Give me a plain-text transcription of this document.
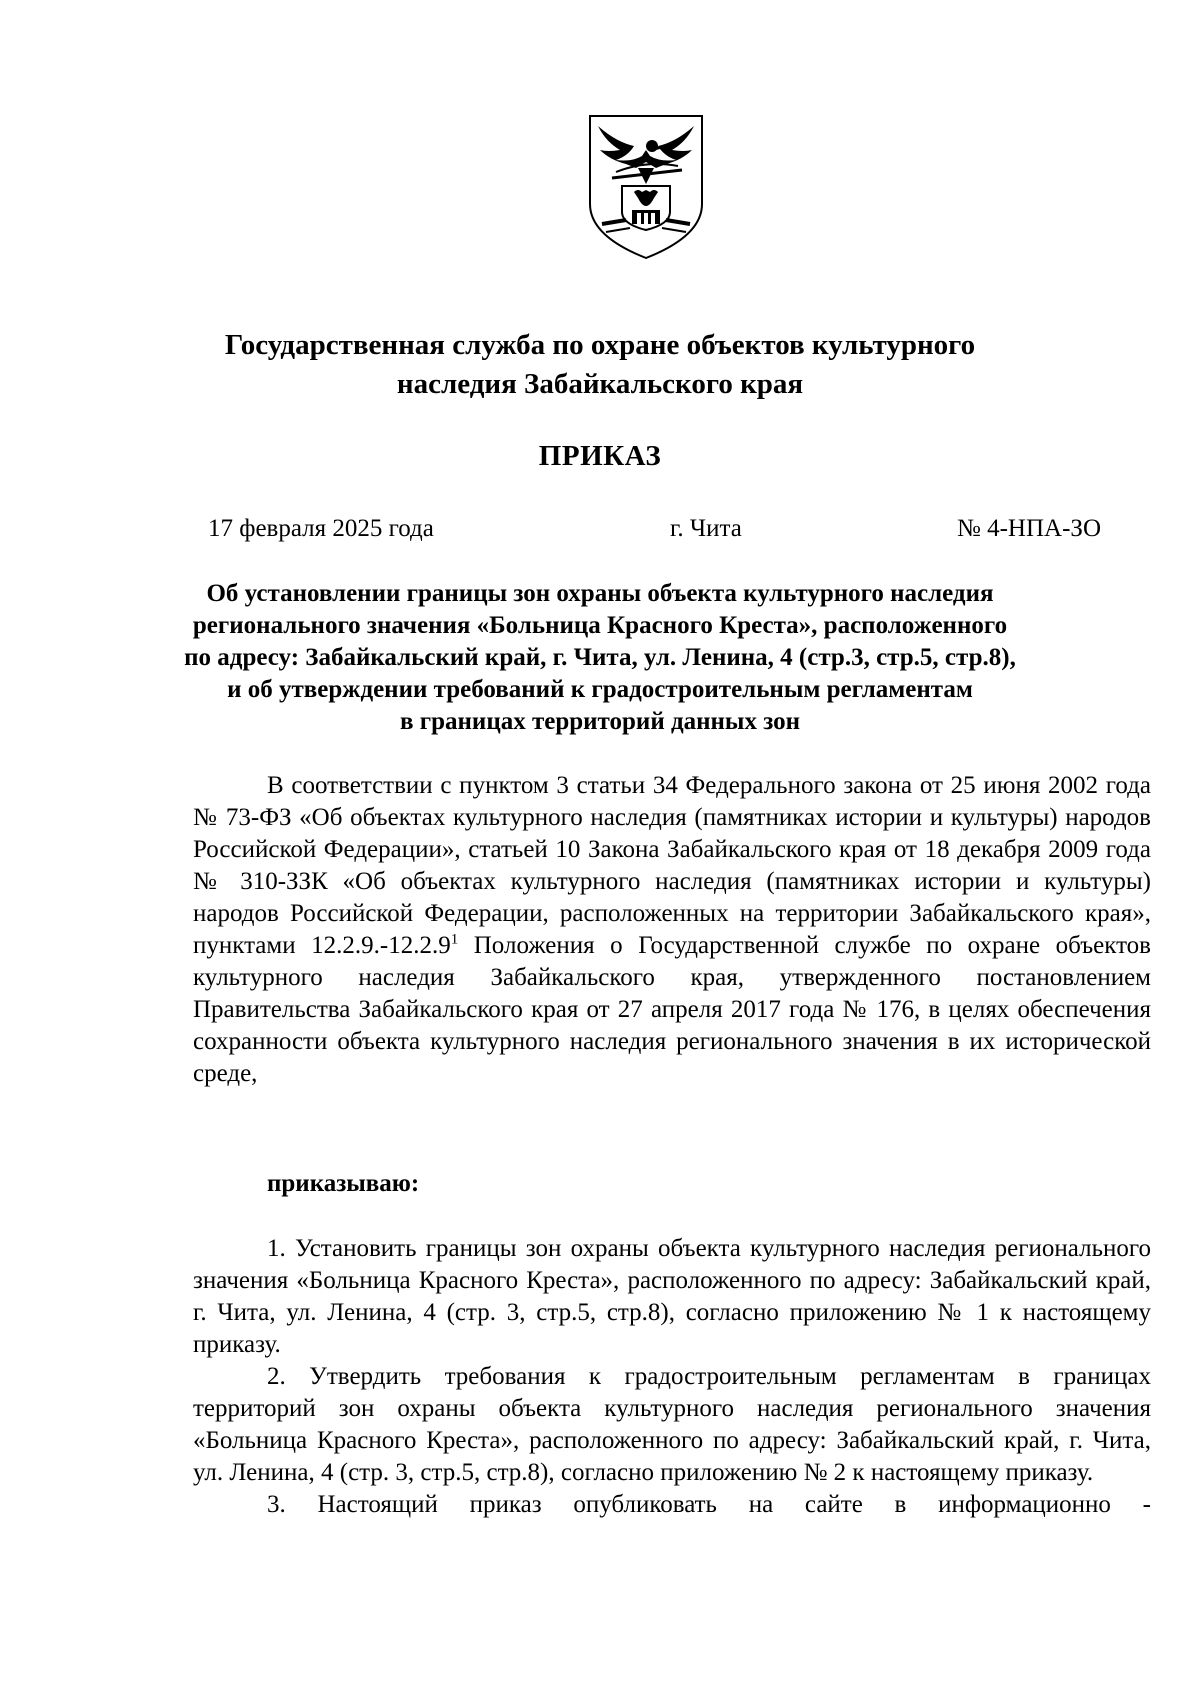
Государственная служба по охране объектов культурного
наследия Забайкальского края
ПРИКАЗ
17 февраля 2025 года	г. Чита	№ 4-НПА-ЗО
Об установлении границы зон охраны объекта культурного наследия
регионального значения «Больница Красного Креста», расположенного
по адресу: Забайкальский край, г. Чита, ул. Ленина, 4 (стр.3, стр.5, стр.8),
и об утверждении требований к градостроительным регламентам
в границах территорий данных зон

В соответствии с пунктом 3 статьи 34 Федерального закона от 25 июня 2002 года № 73-ФЗ «Об объектах культурного наследия (памятниках истории и культуры) народов Российской Федерации», статьей 10 Закона Забайкальского края от 18 декабря 2009 года № 310-ЗЗК «Об объектах культурного наследия (памятниках истории и культуры) народов Российской Федерации, расположенных на территории Забайкальского края», пунктами 12.2.9.-12.2.9$^1$ Положения о Государственной службе по охране объектов культурного наследия Забайкальского края, утвержденного постановлением Правительства Забайкальского края от 27 апреля 2017 года № 176, в целях обеспечения сохранности объекта культурного наследия регионального значения в их исторической среде,

приказываю:

1. Установить границы зон охраны объекта культурного наследия регионального значения «Больница Красного Креста», расположенного по адресу: Забайкальский край, г. Чита, ул. Ленина, 4 (стр. 3, стр.5, стр.8), согласно приложению № 1 к настоящему приказу.

2. Утвердить требования к градостроительным регламентам в границах территорий зон охраны объекта культурного наследия регионального значения «Больница Красного Креста», расположенного по адресу: Забайкальский край, г. Чита, ул. Ленина, 4 (стр. 3, стр.5, стр.8), согласно приложению № 2 к настоящему приказу.

3. Настоящий приказ опубликовать на сайте в информационно -
